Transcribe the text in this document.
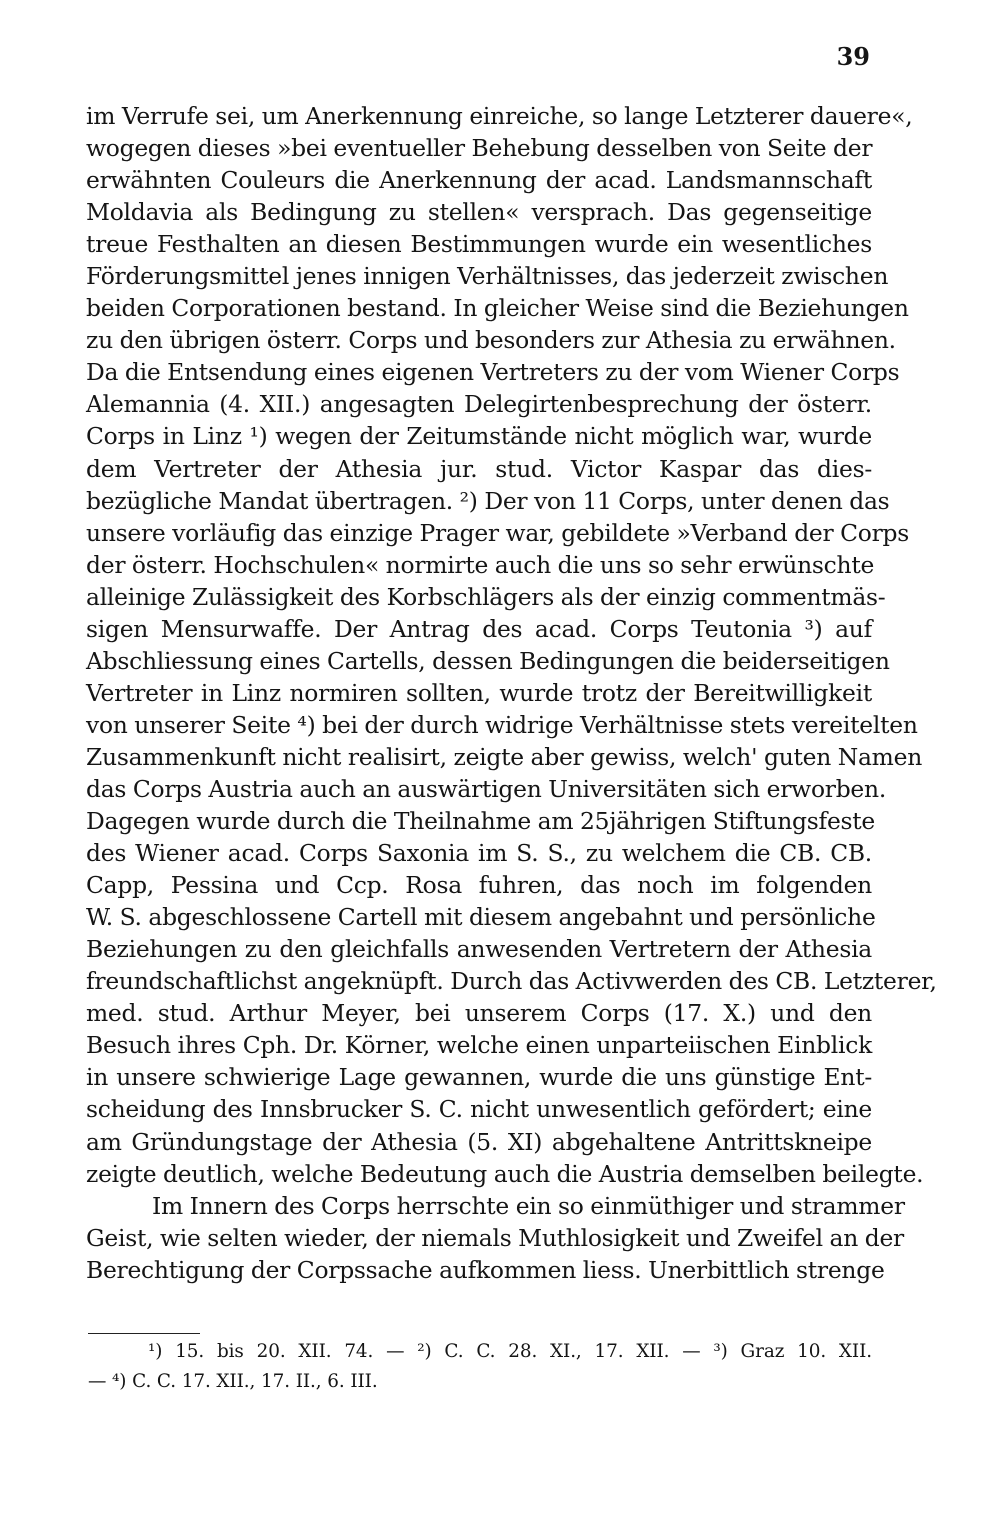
39
im Verrufe sei, um Anerkennung einreiche, so lange Letzterer dauere«,
wogegen dieses »bei eventueller Behebung desselben von Seite der
erwähnten Couleurs die Anerkennung der acad. Landsmannschaft
Moldavia als Bedingung zu stellen« versprach. Das gegenseitige
treue Festhalten an diesen Bestimmungen wurde ein wesentliches
Förderungsmittel jenes innigen Verhältnisses, das jederzeit zwischen
beiden Corporationen bestand. In gleicher Weise sind die Beziehungen
zu den übrigen österr. Corps und besonders zur Athesia zu erwähnen.
Da die Entsendung eines eigenen Vertreters zu der vom Wiener Corps
Alemannia (4. XII.) angesagten Delegirtenbesprechung der österr.
Corps in Linz ¹) wegen der Zeitumstände nicht möglich war, wurde
dem Vertreter der Athesia jur. stud. Victor Kaspar das dies-
bezügliche Mandat übertragen. ²) Der von 11 Corps, unter denen das
unsere vorläufig das einzige Prager war, gebildete »Verband der Corps
der österr. Hochschulen« normirte auch die uns so sehr erwünschte
alleinige Zulässigkeit des Korbschlägers als der einzig commentmäs-
sigen Mensurwaffe. Der Antrag des acad. Corps Teutonia ³) auf
Abschliessung eines Cartells, dessen Bedingungen die beiderseitigen
Vertreter in Linz normiren sollten, wurde trotz der Bereitwilligkeit
von unserer Seite ⁴) bei der durch widrige Verhältnisse stets vereitelten
Zusammenkunft nicht realisirt, zeigte aber gewiss, welch' guten Namen
das Corps Austria auch an auswärtigen Universitäten sich erworben.
Dagegen wurde durch die Theilnahme am 25jährigen Stiftungsfeste
des Wiener acad. Corps Saxonia im S. S., zu welchem die CB. CB.
Capp, Pessina und Ccp. Rosa fuhren, das noch im folgenden
W. S. abgeschlossene Cartell mit diesem angebahnt und persönliche
Beziehungen zu den gleichfalls anwesenden Vertretern der Athesia
freundschaftlichst angeknüpft. Durch das Activwerden des CB. Letzterer,
med. stud. Arthur Meyer, bei unserem Corps (17. X.) und den
Besuch ihres Cph. Dr. Körner, welche einen unparteiischen Einblick
in unsere schwierige Lage gewannen, wurde die uns günstige Ent-
scheidung des Innsbrucker S. C. nicht unwesentlich gefördert; eine
am Gründungstage der Athesia (5. XI) abgehaltene Antrittskneipe
zeigte deutlich, welche Bedeutung auch die Austria demselben beilegte.
Im Innern des Corps herrschte ein so einmüthiger und strammer
Geist, wie selten wieder, der niemals Muthlosigkeit und Zweifel an der
Berechtigung der Corpssache aufkommen liess. Unerbittlich strenge
¹) 15. bis 20. XII. 74. — ²) C. C. 28. XI., 17. XII. — ³) Graz 10. XII.
— ⁴) C. C. 17. XII., 17. II., 6. III.
